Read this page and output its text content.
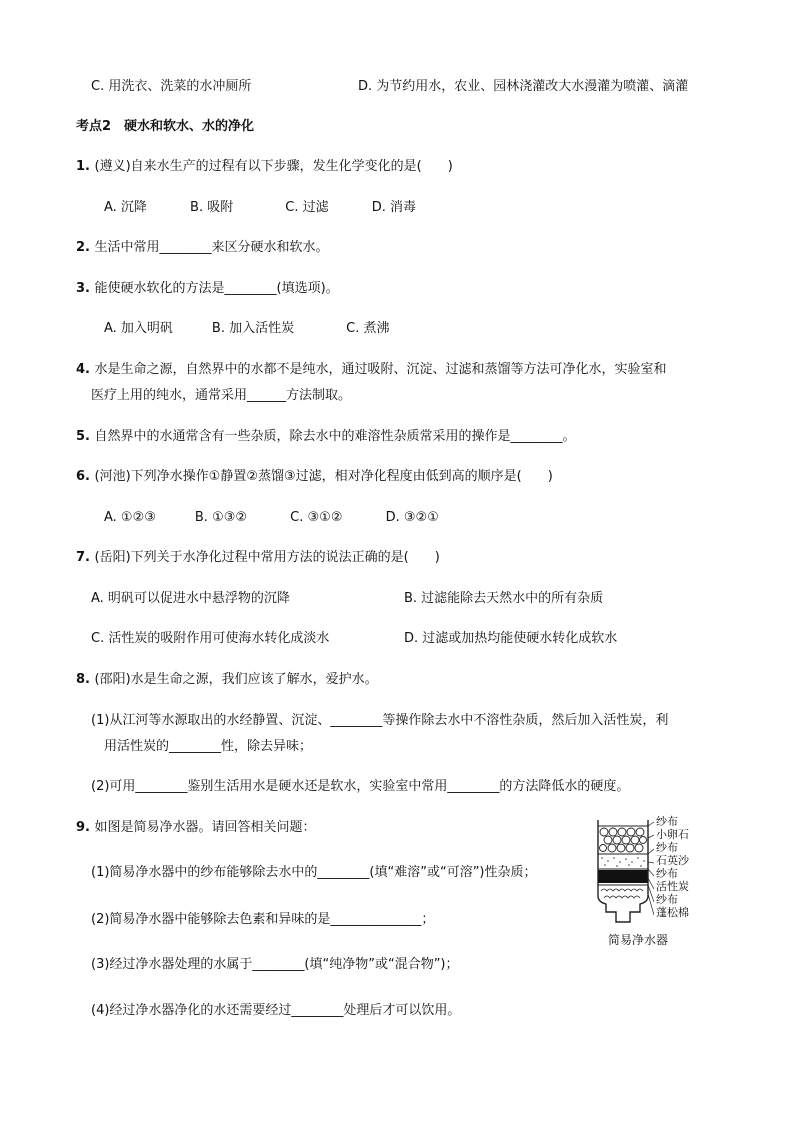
C. 用洗衣、洗菜的水冲厕所	D. 为节约用水，农业、园林浇灌改大水漫灌为喷灌、滴灌
考点2　硬水和软水、水的净化
1. (遵义)自来水生产的过程有以下步骤，发生化学变化的是(　　)
A. 沉降　　　 B. 吸附　　　　C. 过滤　　　 D. 消毒
2. 生活中常用________来区分硬水和软水。
3. 能使硬水软化的方法是________(填选项)。
A. 加入明矾　　　B. 加入活性炭　　　　C. 煮沸
4. 水是生命之源，自然界中的水都不是纯水，通过吸附、沉淀、过滤和蒸馏等方法可净化水，实验室和
医疗上用的纯水，通常采用______方法制取。
5. 自然界中的水通常含有一些杂质，除去水中的难溶性杂质常采用的操作是________。
6. (河池)下列净水操作①静置②蒸馏③过滤，相对净化程度由低到高的顺序是(　　)
A. ①②③　　　B. ①③②　　　 C. ③①②　　　 D. ③②①
7. (岳阳)下列关于水净化过程中常用方法的说法正确的是(　　)
A. 明矾可以促进水中悬浮物的沉降	B. 过滤能除去天然水中的所有杂质
C. 活性炭的吸附作用可使海水转化成淡水	D. 过滤或加热均能使硬水转化成软水
8. (邵阳)水是生命之源，我们应该了解水，爱护水。
(1)从江河等水源取出的水经静置、沉淀、________等操作除去水中不溶性杂质，然后加入活性炭，利
用活性炭的________性，除去异味；
(2)可用________鉴别生活用水是硬水还是软水，实验室中常用________的方法降低水的硬度。
9. 如图是简易净水器。请回答相关问题：
(1)简易净水器中的纱布能够除去水中的________(填“难溶”或“可溶”)性杂质；
(2)简易净水器中能够除去色素和异味的是______________；
(3)经过净水器处理的水属于________(填“纯净物”或“混合物”)；
(4)经过净水器净化的水还需要经过________处理后才可以饮用。
纱布
小卵石
纱布
石英沙
纱布
活性炭
纱布
蓬松棉
简易净水器
